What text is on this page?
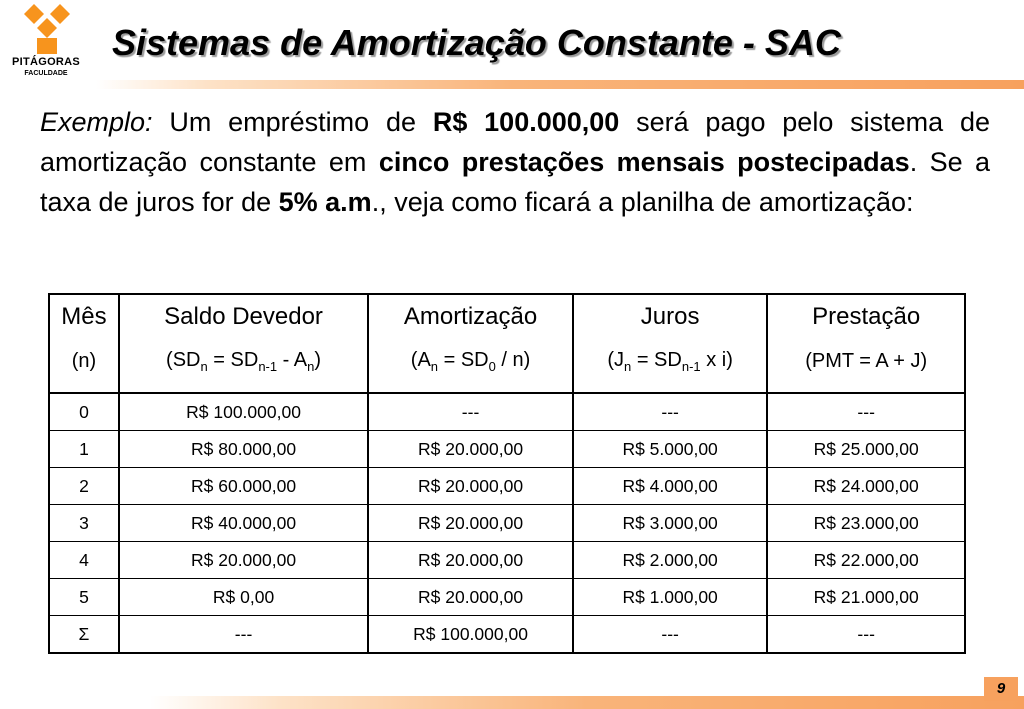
PITÁGORAS
FACULDADE
Sistemas de Amortização Constante - SAC
Exemplo: Um empréstimo de R$ 100.000,00 será pago pelo sistema de amortização constante em cinco prestações mensais postecipadas. Se a taxa de juros for de 5% a.m., veja como ficará a planilha de amortização:
Mês	Saldo Devedor	Amortização	Juros	Prestação
(n)	$(SD_n = SD_{n-1} - A_n)$	$(A_n = SD_0 / n)$	($J_n = SD_{n-1}$ x i)	(PMT = A + J)
0	R$ 100.000,00	---	---	---
1	R$ 80.000,00	R$ 20.000,00	R$ 5.000,00	R$ 25.000,00
2	R$ 60.000,00	R$ 20.000,00	R$ 4.000,00	R$ 24.000,00
3	R$ 40.000,00	R$ 20.000,00	R$ 3.000,00	R$ 23.000,00
4	R$ 20.000,00	R$ 20.000,00	R$ 2.000,00	R$ 22.000,00
5	R$ 0,00	R$ 20.000,00	R$ 1.000,00	R$ 21.000,00
Σ	---	R$ 100.000,00	---	---
9
